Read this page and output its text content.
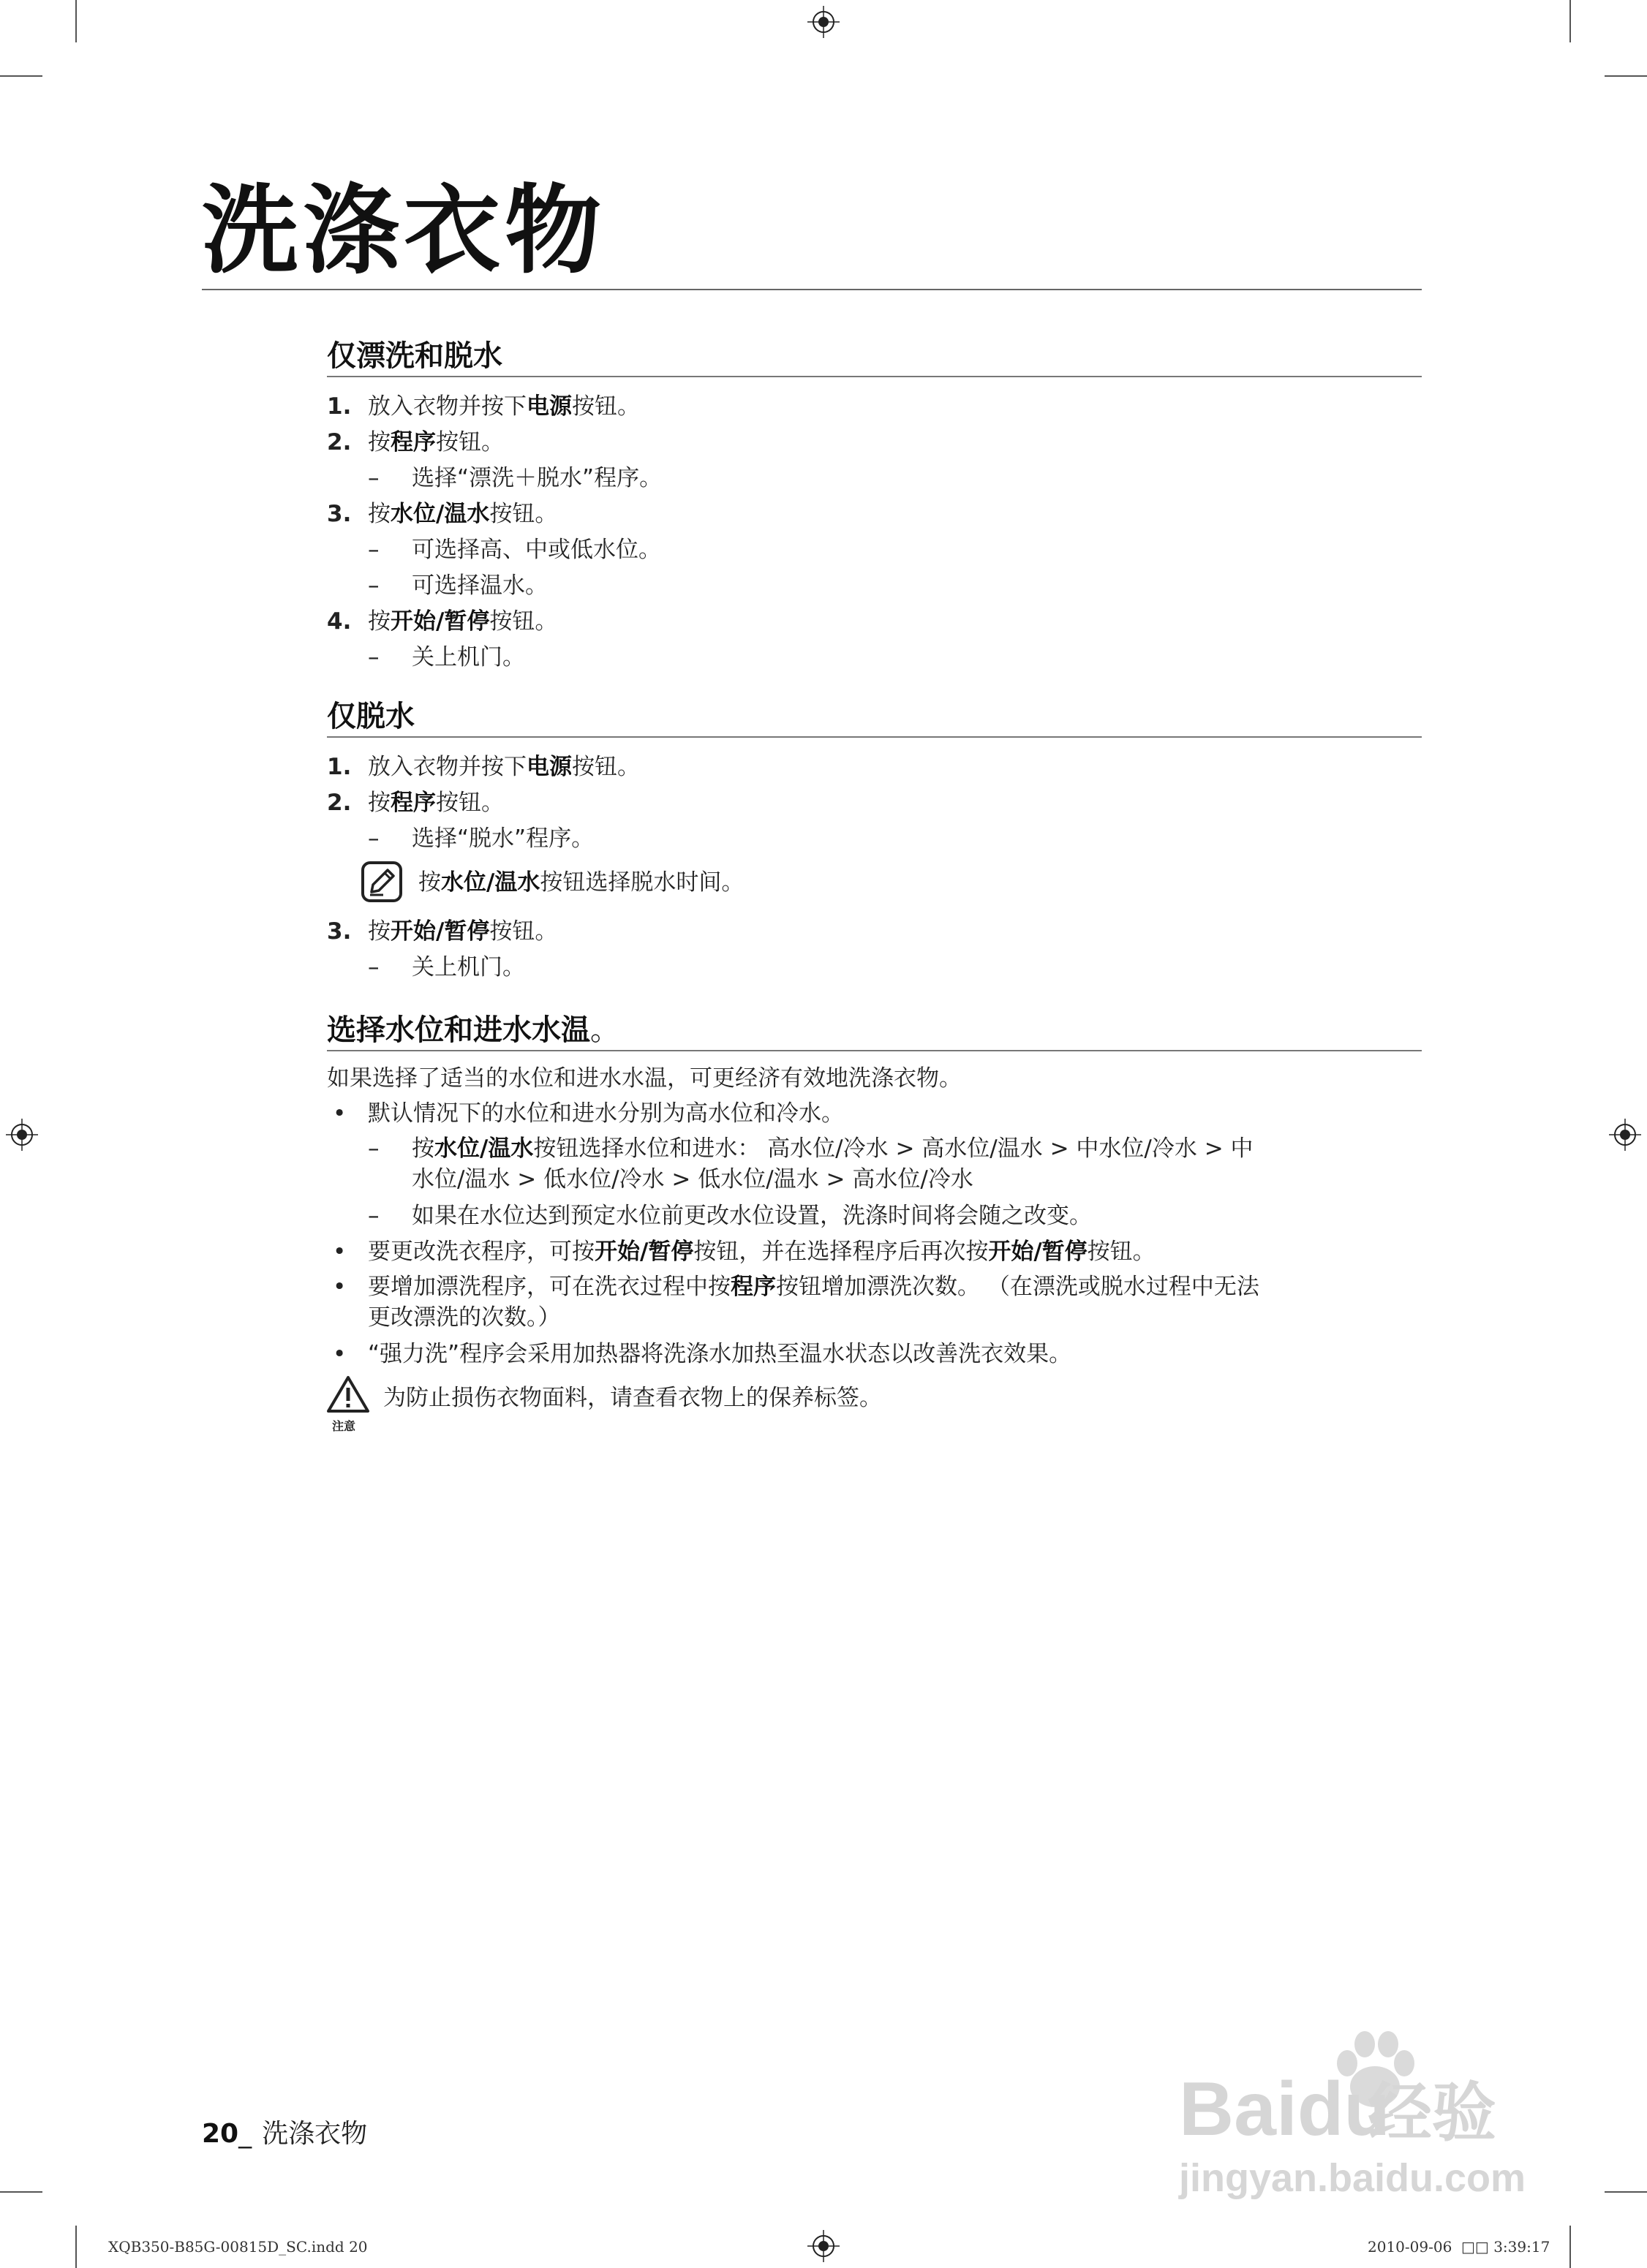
洗涤衣物
仅漂洗和脱水
1. 放入衣物并按下电源按钮。
2. 按程序按钮。
– 选择“漂洗＋脱水”程序。
3. 按水位/温水按钮。
– 可选择高、中或低水位。
– 可选择温水。
4. 按开始/暂停按钮。
– 关上机门。
仅脱水
1. 放入衣物并按下电源按钮。
2. 按程序按钮。
– 选择“脱水”程序。
按水位/温水按钮选择脱水时间。
3. 按开始/暂停按钮。
– 关上机门。
选择水位和进水水温。
如果选择了适当的水位和进水水温，可更经济有效地洗涤衣物。
• 默认情况下的水位和进水分别为高水位和冷水。
– 按水位/温水按钮选择水位和进水： 高水位/冷水 > 高水位/温水 > 中水位/冷水 > 中
水位/温水 > 低水位/冷水 > 低水位/温水 > 高水位/冷水
– 如果在水位达到预定水位前更改水位设置，洗涤时间将会随之改变。
• 要更改洗衣程序，可按开始/暂停按钮，并在选择程序后再次按开始/暂停按钮。
• 要增加漂洗程序，可在洗衣过程中按程序按钮增加漂洗次数。 （在漂洗或脱水过程中无法
更改漂洗的次数。）
• “强力洗”程序会采用加热器将洗涤水加热至温水状态以改善洗衣效果。
注意
为防止损伤衣物面料，请查看衣物上的保养标签。
20_ 洗涤衣物	Baidu经验
jingyan.baidu.com
XQB350-B85G-00815D_SC.indd 20	2010-09-06 □□ 3:39:17
